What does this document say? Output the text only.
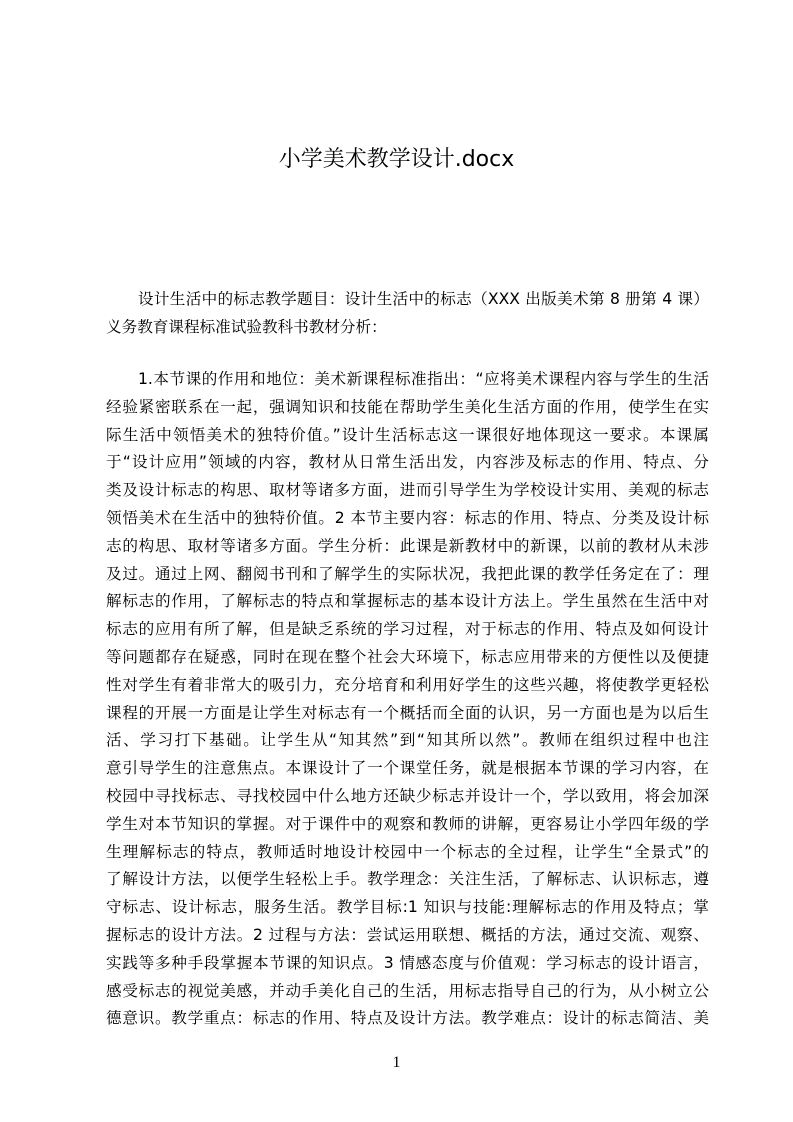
小学美术教学设计.docx
设计生活中的标志教学题目：设计生活中的标志（XXX 出版美术第 8 册第 4 课）
义务教育课程标准试验教科书教材分析：
1.本节课的作用和地位：美术新课程标准指出：“应将美术课程内容与学生的生活
经验紧密联系在一起，强调知识和技能在帮助学生美化生活方面的作用，使学生在实
际生活中领悟美术的独特价值。”设计生活标志这一课很好地体现这一要求。本课属
于“设计应用”领域的内容，教材从日常生活出发，内容涉及标志的作用、特点、分
类及设计标志的构思、取材等诸多方面，进而引导学生为学校设计实用、美观的标志
领悟美术在生活中的独特价值。2 本节主要内容：标志的作用、特点、分类及设计标
志的构思、取材等诸多方面。学生分析：此课是新教材中的新课，以前的教材从未涉
及过。通过上网、翻阅书刊和了解学生的实际状况，我把此课的教学任务定在了：理
解标志的作用，了解标志的特点和掌握标志的基本设计方法上。学生虽然在生活中对
标志的应用有所了解，但是缺乏系统的学习过程，对于标志的作用、特点及如何设计
等问题都存在疑惑，同时在现在整个社会大环境下，标志应用带来的方便性以及便捷
性对学生有着非常大的吸引力，充分培育和利用好学生的这些兴趣，将使教学更轻松
课程的开展一方面是让学生对标志有一个概括而全面的认识，另一方面也是为以后生
活、学习打下基础。让学生从“知其然”到“知其所以然”。教师在组织过程中也注
意引导学生的注意焦点。本课设计了一个课堂任务，就是根据本节课的学习内容，在
校园中寻找标志、寻找校园中什么地方还缺少标志并设计一个，学以致用，将会加深
学生对本节知识的掌握。对于课件中的观察和教师的讲解，更容易让小学四年级的学
生理解标志的特点，教师适时地设计校园中一个标志的全过程，让学生“全景式”的
了解设计方法，以便学生轻松上手。教学理念：关注生活，了解标志、认识标志，遵
守标志、设计标志，服务生活。教学目标:1 知识与技能:理解标志的作用及特点；掌
握标志的设计方法。2 过程与方法：尝试运用联想、概括的方法，通过交流、观察、
实践等多种手段掌握本节课的知识点。3 情感态度与价值观：学习标志的设计语言，
感受标志的视觉美感，并动手美化自己的生活，用标志指导自己的行为，从小树立公
德意识。教学重点：标志的作用、特点及设计方法。教学难点：设计的标志简洁、美
1
